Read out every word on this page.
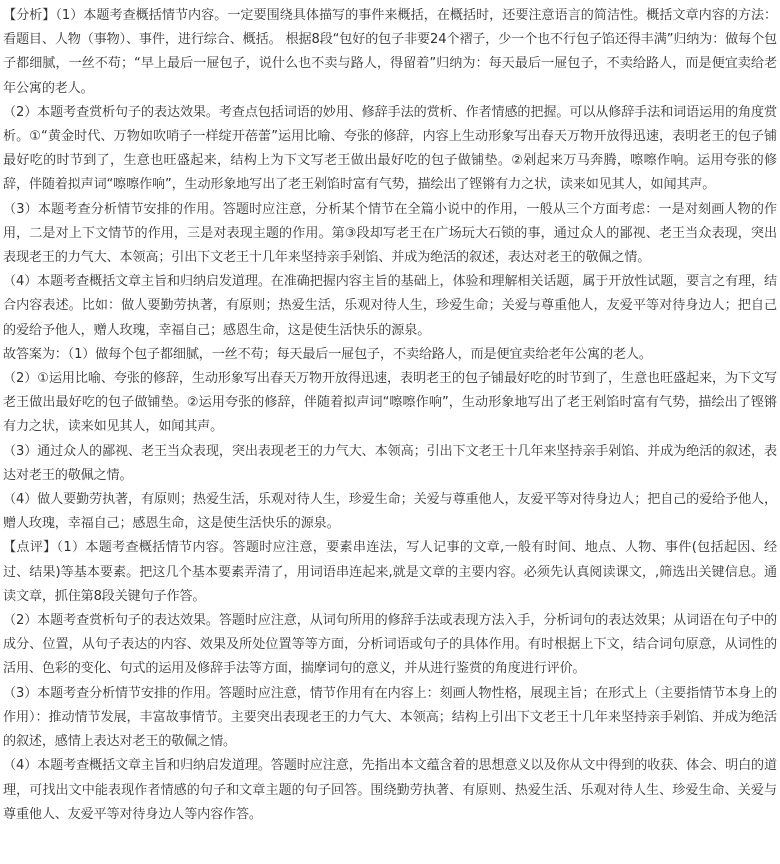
【分析】（1）本题考查概括情节内容。一定要围绕具体描写的事件来概括，在概括时，还要注意语言的简洁性。概括文章内容的方法：看题目、人物（事物）、事件，进行综合、概括。 根据8段“包好的包子非要24个褶子，少一个也不行包子馅还得丰满”归纳为：做每个包子都细腻，一丝不苟；“早上最后一屉包子，说什么也不卖与路人，得留着”归纳为：每天最后一屉包子，不卖给路人，而是便宜卖给老年公寓的老人。

（2）本题考查赏析句子的表达效果。考查点包括词语的妙用、修辞手法的赏析、作者情感的把握。可以从修辞手法和词语运用的角度赏析。①“黄金时代、万物如吹哨子一样绽开蓓蕾”运用比喻、夸张的修辞，内容上生动形象写出春天万物开放得迅速，表明老王的包子铺最好吃的时节到了，生意也旺盛起来，结构上为下文写老王做出最好吃的包子做铺垫。②剁起来万马奔腾，嚓嚓作响。运用夸张的修辞，伴随着拟声词“嚓嚓作响”，生动形象地写出了老王剁馅时富有气势，描绘出了铿锵有力之状，读来如见其人，如闻其声。

（3）本题考查分析情节安排的作用。答题时应注意，分析某个情节在全篇小说中的作用，一般从三个方面考虑：一是对刻画人物的作用，二是对上下文情节的作用，三是对表现主题的作用。第③段却写老王在广场玩大石锁的事，通过众人的鄙视、老王当众表现，突出表现老王的力气大、本领高；引出下文老王十几年来坚持亲手剁馅、并成为绝活的叙述，表达对老王的敬佩之情。

（4）本题考查概括文章主旨和归纳启发道理。在准确把握内容主旨的基础上，体验和理解相关话题，属于开放性试题，要言之有理，结合内容表述。比如：做人要勤劳执著，有原则；热爱生活，乐观对待人生，珍爱生命；关爱与尊重他人，友爱平等对待身边人；把自己的爱给予他人，赠人玫瑰，幸福自己；感恩生命，这是使生活快乐的源泉。

故答案为：（1）做每个包子都细腻，一丝不苟；每天最后一屉包子，不卖给路人，而是便宜卖给老年公寓的老人。

（2）①运用比喻、夸张的修辞，生动形象写出春天万物开放得迅速，表明老王的包子铺最好吃的时节到了，生意也旺盛起来，为下文写老王做出最好吃的包子做铺垫。②运用夸张的修辞，伴随着拟声词“嚓嚓作响”，生动形象地写出了老王剁馅时富有气势，描绘出了铿锵有力之状，读来如见其人，如闻其声。

（3）通过众人的鄙视、老王当众表现，突出表现老王的力气大、本领高；引出下文老王十几年来坚持亲手剁馅、并成为绝活的叙述，表达对老王的敬佩之情。

（4）做人要勤劳执著，有原则；热爱生活，乐观对待人生，珍爱生命；关爱与尊重他人，友爱平等对待身边人；把自己的爱给予他人，赠人玫瑰，幸福自己；感恩生命，这是使生活快乐的源泉。

【点评】（1）本题考查概括情节内容。答题时应注意，要素串连法，写人记事的文章,一般有时间、地点、人物、事件(包括起因、经过、结果)等基本要素。把这几个基本要素弄清了，用词语串连起来,就是文章的主要内容。必须先认真阅读课文，,筛选出关键信息。通读文章，抓住第8段关键句子作答。

（2）本题考查赏析句子的表达效果。答题时应注意，从词句所用的修辞手法或表现方法入手，分析词句的表达效果；从词语在句子中的成分、位置，从句子表达的内容、效果及所处位置等等方面，分析词语或句子的具体作用。有时根据上下文，结合词句原意，从词性的活用、色彩的变化、句式的运用及修辞手法等方面，揣摩词句的意义，并从进行鉴赏的角度进行评价。

（3）本题考查分析情节安排的作用。答题时应注意，情节作用有在内容上：刻画人物性格，展现主旨；在形式上（主要指情节本身上的作用）：推动情节发展，丰富故事情节。主要突出表现老王的力气大、本领高；结构上引出下文老王十几年来坚持亲手剁馅、并成为绝活的叙述，感情上表达对老王的敬佩之情。

（4）本题考查概括文章主旨和归纳启发道理。答题时应注意，先指出本文蕴含着的思想意义以及你从文中得到的收获、体会、明白的道理，可找出文中能表现作者情感的句子和文章主题的句子回答。围绕勤劳执著、有原则、热爱生活、乐观对待人生、珍爱生命、关爱与尊重他人、友爱平等对待身边人等内容作答。
